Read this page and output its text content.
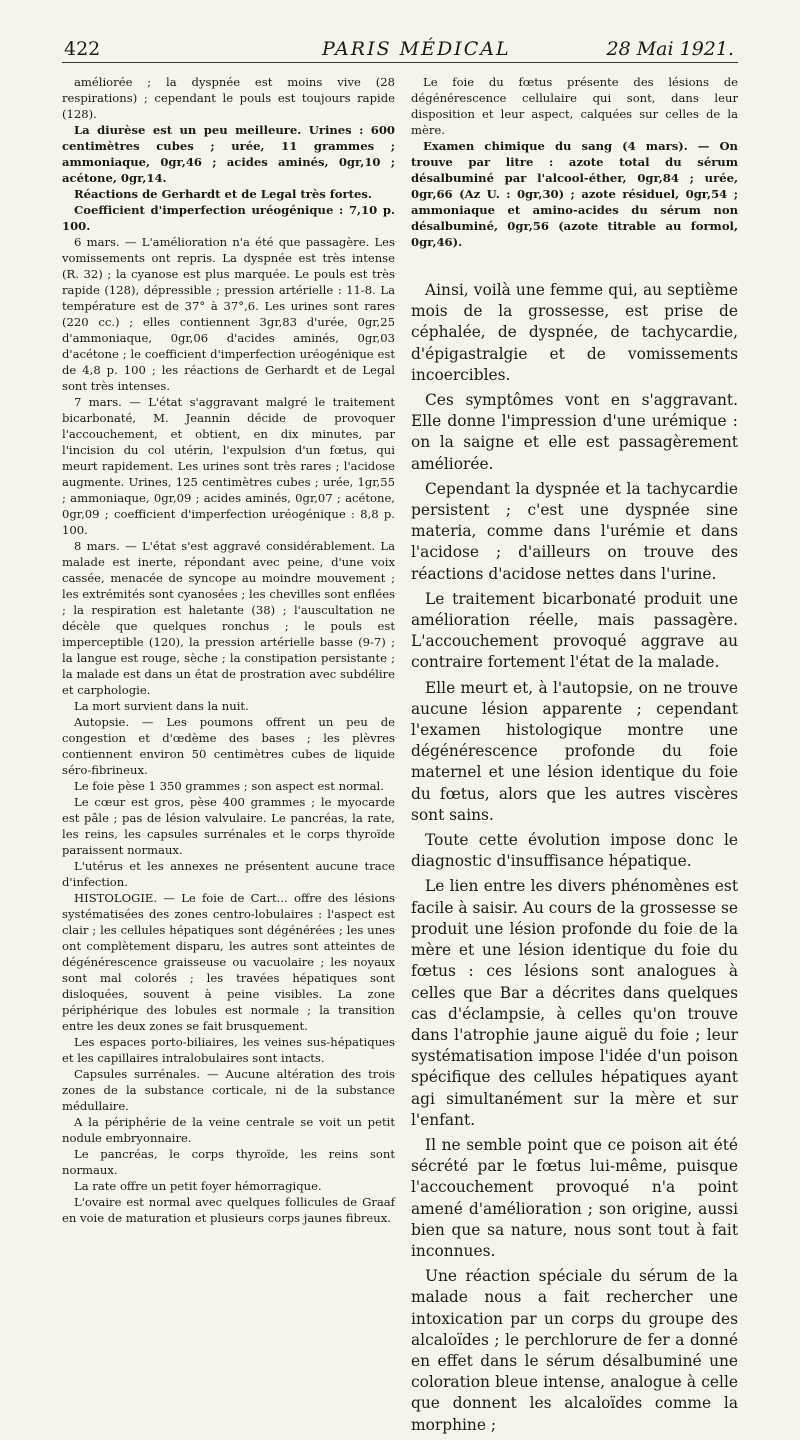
422	PARIS MÉDICAL	28 Mai 1921.

améliorée ; la dyspnée est moins vive (28 respirations) ; cependant le pouls est toujours rapide (128).

La diurèse est un peu meilleure. Urines : 600 centimètres cubes ; urée, 11 grammes ; ammoniaque, 0gr,46 ; acides aminés, 0gr,10 ; acétone, 0gr,14.

Réactions de Gerhardt et de Legal très fortes.

Coefficient d'imperfection uréogénique : 7,10 p. 100.

6 mars. — L'amélioration n'a été que passagère. Les vomissements ont repris. La dyspnée est très intense (R. 32) ; la cyanose est plus marquée. Le pouls est très rapide (128), dépressible ; pression artérielle : 11-8. La température est de 37° à 37°,6. Les urines sont rares (220 cc.) ; elles contiennent 3gr,83 d'urée, 0gr,25 d'ammoniaque, 0gr,06 d'acides aminés, 0gr,03 d'acétone ; le coefficient d'imperfection uréogénique est de 4,8 p. 100 ; les réactions de Gerhardt et de Legal sont très intenses.

7 mars. — L'état s'aggravant malgré le traitement bicarbonaté, M. Jeannin décide de provoquer l'accouchement, et obtient, en dix minutes, par l'incision du col utérin, l'expulsion d'un fœtus, qui meurt rapidement. Les urines sont très rares ; l'acidose augmente. Urines, 125 centimètres cubes ; urée, 1gr,55 ; ammoniaque, 0gr,09 ; acides aminés, 0gr,07 ; acétone, 0gr,09 ; coefficient d'imperfection uréogénique : 8,8 p. 100.

8 mars. — L'état s'est aggravé considérablement. La malade est inerte, répondant avec peine, d'une voix cassée, menacée de syncope au moindre mouvement ; les extrémités sont cyanosées ; les chevilles sont enflées ; la respiration est haletante (38) ; l'auscultation ne décèle que quelques ronchus ; le pouls est imperceptible (120), la pression artérielle basse (9-7) ; la langue est rouge, sèche ; la constipation persistante ; la malade est dans un état de prostration avec subdélire et carphologie.

La mort survient dans la nuit.

Autopsie. — Les poumons offrent un peu de congestion et d'œdème des bases ; les plèvres contiennent environ 50 centimètres cubes de liquide séro-fibrineux.

Le foie pèse 1 350 grammes ; son aspect est normal.

Le cœur est gros, pèse 400 grammes ; le myocarde est pâle ; pas de lésion valvulaire. Le pancréas, la rate, les reins, les capsules surrénales et le corps thyroïde paraissent normaux.

L'utérus et les annexes ne présentent aucune trace d'infection.

HISTOLOGIE. — Le foie de Cart... offre des lésions systématisées des zones centro-lobulaires : l'aspect est clair ; les cellules hépatiques sont dégénérées ; les unes ont complètement disparu, les autres sont atteintes de dégénérescence graisseuse ou vacuolaire ; les noyaux sont mal colorés ; les travées hépatiques sont disloquées, souvent à peine visibles. La zone périphérique des lobules est normale ; la transition entre les deux zones se fait brusquement.

Les espaces porto-biliaires, les veines sus-hépatiques et les capillaires intralobulaires sont intacts.

Capsules surrénales. — Aucune altération des trois zones de la substance corticale, ni de la substance médullaire.

A la périphérie de la veine centrale se voit un petit nodule embryonnaire.

Le pancréas, le corps thyroïde, les reins sont normaux.

La rate offre un petit foyer hémorragique.

L'ovaire est normal avec quelques follicules de Graaf en voie de maturation et plusieurs corps jaunes fibreux.

Le foie du fœtus présente des lésions de dégénérescence cellulaire qui sont, dans leur disposition et leur aspect, calquées sur celles de la mère.

Examen chimique du sang (4 mars). — On trouve par litre : azote total du sérum désalbuminé par l'alcool-éther, 0gr,84 ; urée, 0gr,66 (Az U. : 0gr,30) ; azote résiduel, 0gr,54 ; ammoniaque et amino-acides du sérum non désalbuminé, 0gr,56 (azote titrable au formol, 0gr,46).

Ainsi, voilà une femme qui, au septième mois de la grossesse, est prise de céphalée, de dyspnée, de tachycardie, d'épigastralgie et de vomissements incoercibles.

Ces symptômes vont en s'aggravant. Elle donne l'impression d'une urémique : on la saigne et elle est passagèrement améliorée.

Cependant la dyspnée et la tachycardie persistent ; c'est une dyspnée sine materia, comme dans l'urémie et dans l'acidose ; d'ailleurs on trouve des réactions d'acidose nettes dans l'urine.

Le traitement bicarbonaté produit une amélioration réelle, mais passagère. L'accouchement provoqué aggrave au contraire fortement l'état de la malade.

Elle meurt et, à l'autopsie, on ne trouve aucune lésion apparente ; cependant l'examen histologique montre une dégénérescence profonde du foie maternel et une lésion identique du foie du fœtus, alors que les autres viscères sont sains.

Toute cette évolution impose donc le diagnostic d'insuffisance hépatique.

Le lien entre les divers phénomènes est facile à saisir. Au cours de la grossesse se produit une lésion profonde du foie de la mère et une lésion identique du foie du fœtus : ces lésions sont analogues à celles que Bar a décrites dans quelques cas d'éclampsie, à celles qu'on trouve dans l'atrophie jaune aiguë du foie ; leur systématisation impose l'idée d'un poison spécifique des cellules hépatiques ayant agi simultanément sur la mère et sur l'enfant.

Il ne semble point que ce poison ait été sécrété par le fœtus lui-même, puisque l'accouchement provoqué n'a point amené d'amélioration ; son origine, aussi bien que sa nature, nous sont tout à fait inconnues.

Une réaction spéciale du sérum de la malade nous a fait rechercher une intoxication par un corps du groupe des alcaloïdes ; le perchlorure de fer a donné en effet dans le sérum désalbuminé une coloration bleue intense, analogue à celle que donnent les alcaloïdes comme la morphine ;
